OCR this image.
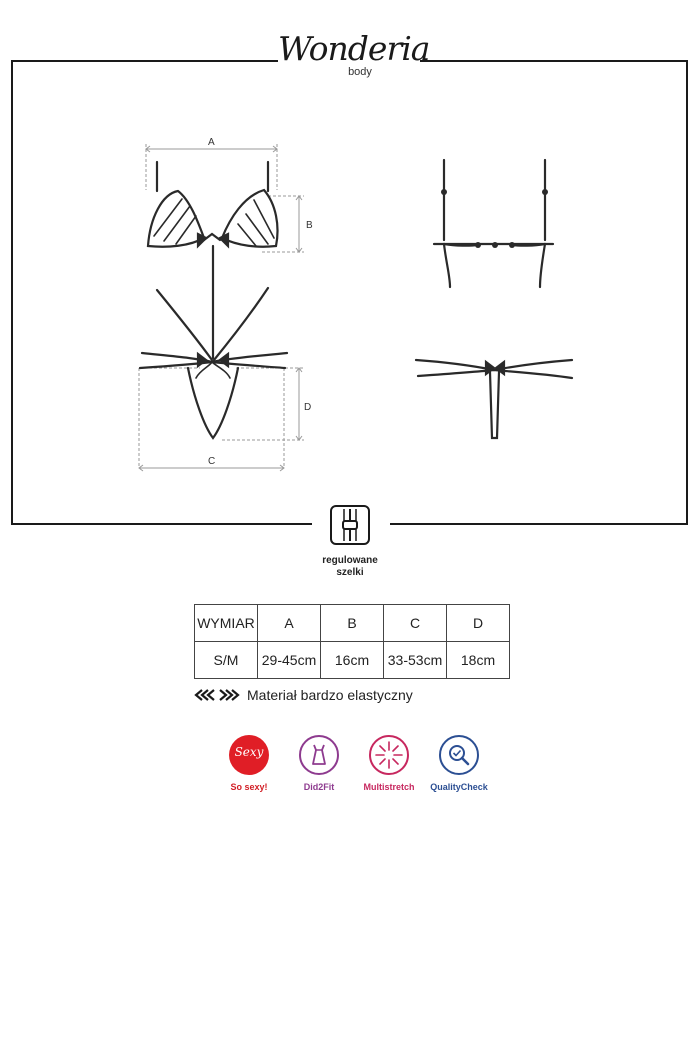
Wonderia
body
A
B
C
D
regulowane
szelki
WYMIAR	A	B	C	D
S/M	29-45cm	16cm	33-53cm	18cm
Materiał bardzo elastyczny
Sexy
So sexy!	Did2Fit	Multistretch	QualityCheck
